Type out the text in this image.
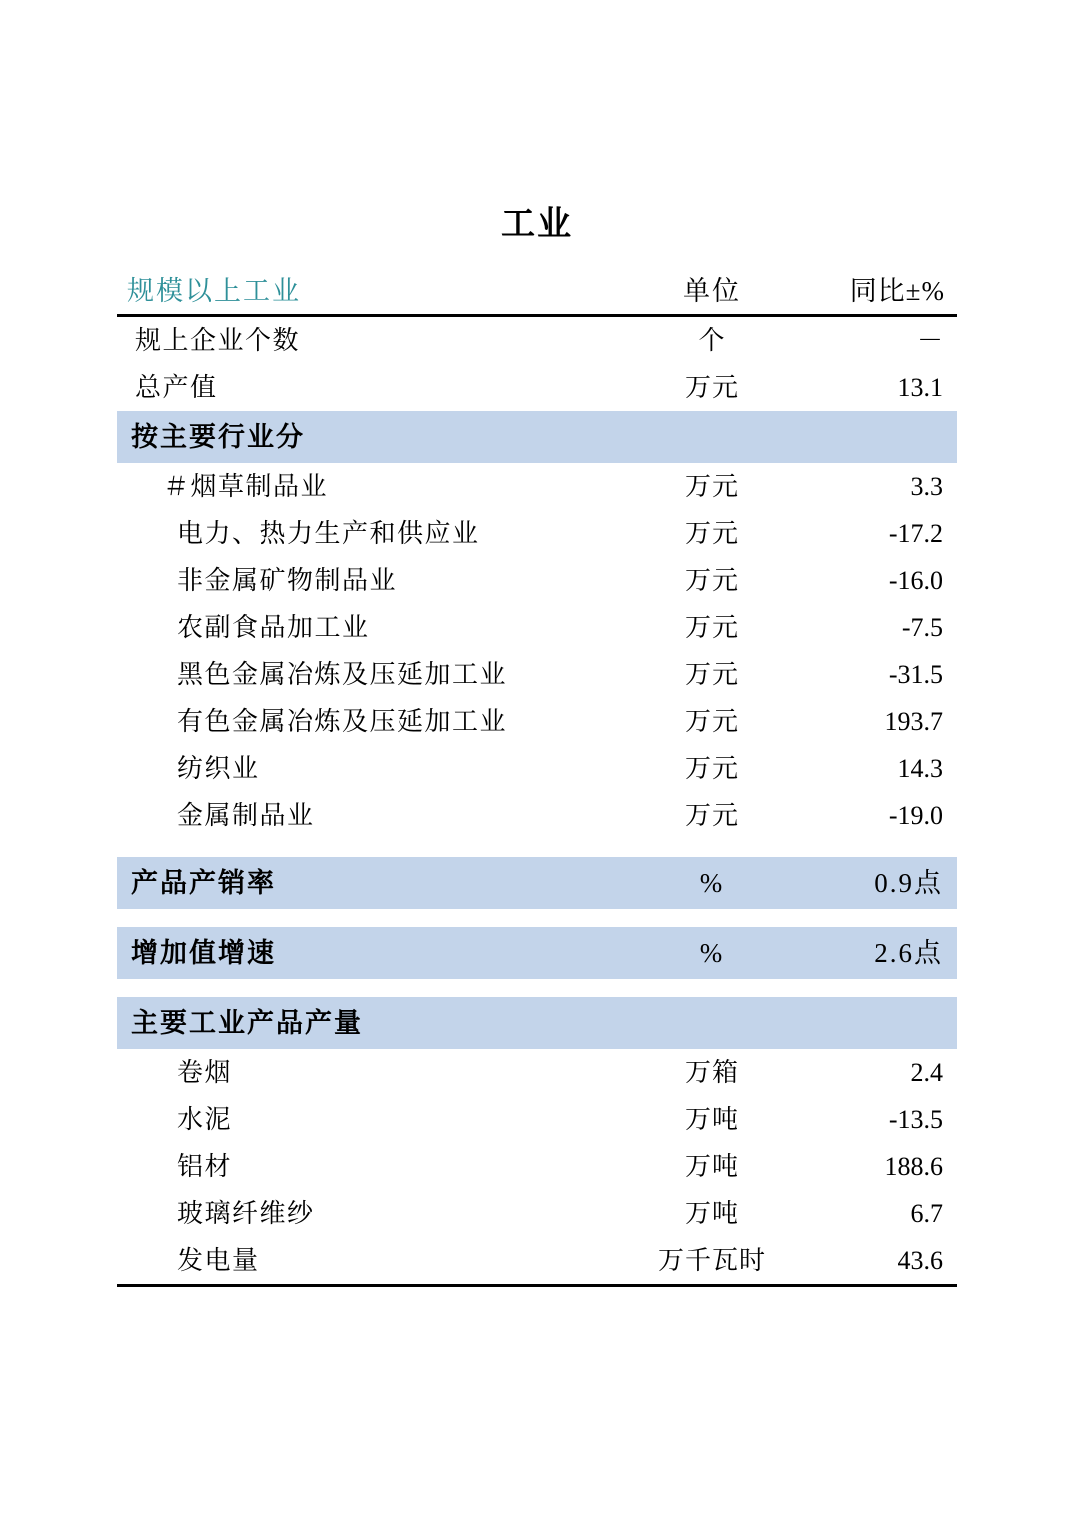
工业
规模以上工业	单位	同比±%

规上企业个数	个	－
总产值	万元	13.1
按主要行业分		
＃烟草制品业	万元	3.3
电力、热力生产和供应业	万元	-17.2
非金属矿物制品业	万元	-16.0
农副食品加工业	万元	-7.5
黑色金属冶炼及压延加工业	万元	-31.5
有色金属冶炼及压延加工业	万元	193.7
纺织业	万元	14.3
金属制品业	万元	-19.0

产品产销率	%	0.9点

增加值增速	%	2.6点

主要工业产品产量		
卷烟	万箱	2.4
水泥	万吨	-13.5
铝材	万吨	188.6
玻璃纤维纱	万吨	6.7
发电量	万千瓦时	43.6
